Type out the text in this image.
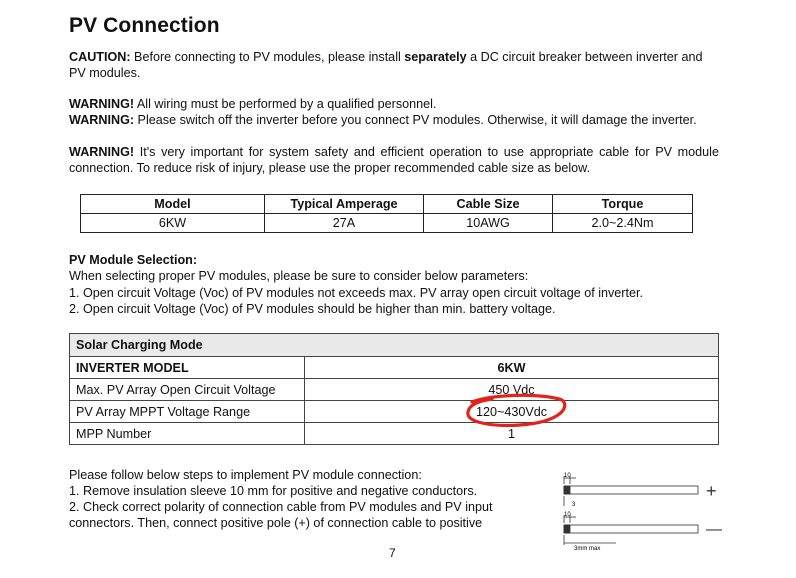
PV Connection
CAUTION: Before connecting to PV modules, please install separately a DC circuit breaker between inverter and PV modules.
WARNING! All wiring must be performed by a qualified personnel.
WARNING: Please switch off the inverter before you connect PV modules. Otherwise, it will damage the inverter.
WARNING! It's very important for system safety and efficient operation to use appropriate cable for PV module connection. To reduce risk of injury, please use the proper recommended cable size as below.
Model	Typical Amperage	Cable Size	Torque
6KW	27A	10AWG	2.0~2.4Nm
PV Module Selection:
When selecting proper PV modules, please be sure to consider below parameters:
1. Open circuit Voltage (Voc) of PV modules not exceeds max. PV array open circuit voltage of inverter.
2. Open circuit Voltage (Voc) of PV modules should be higher than min. battery voltage.
Solar Charging Mode	
INVERTER MODEL	6KW
Max. PV Array Open Circuit Voltage	450 Vdc
PV Array MPPT Voltage Range	120~430Vdc
MPP Number	1
Please follow below steps to implement PV module connection:
1. Remove insulation sleeve 10 mm for positive and negative conductors.
2. Check correct polarity of connection cable from PV modules and PV input connectors. Then, connect positive pole (+) of connection cable to positive
10
3
10
3mm max
+
—
7
